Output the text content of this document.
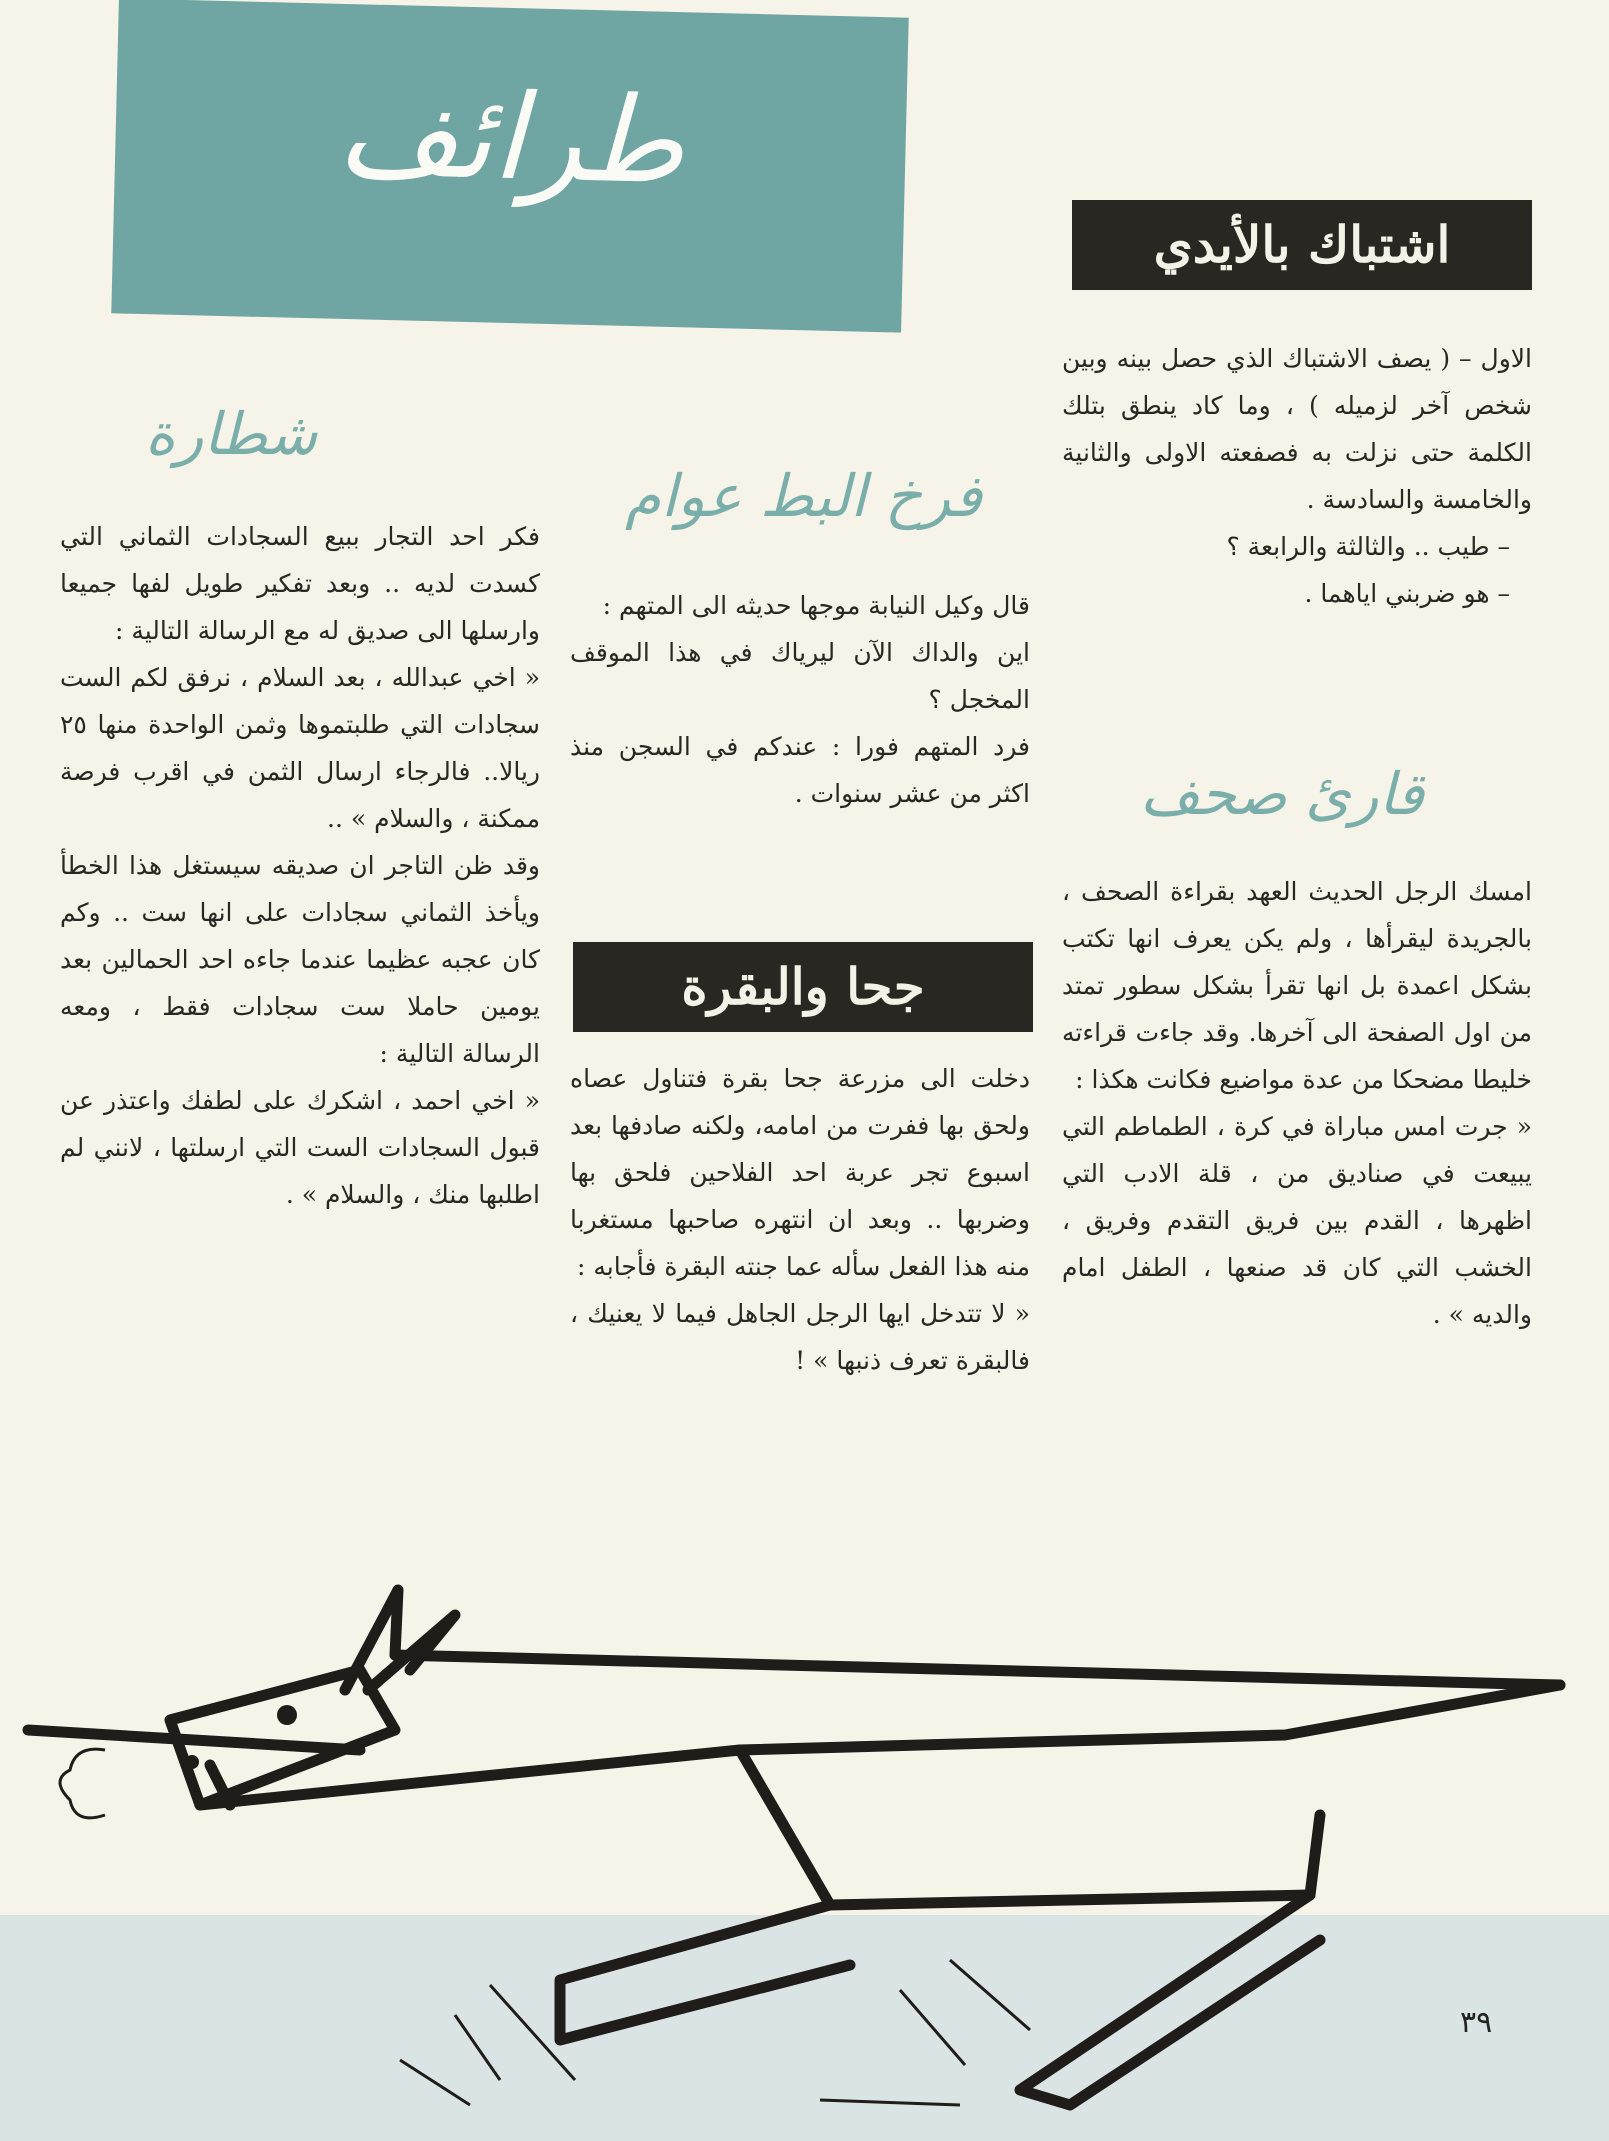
طرائف
اشتباك بالأيدي

الاول – ( يصف الاشتباك الذي حصل بينه وبين شخص آخر لزميله ) ، وما كاد ينطق بتلك الكلمة حتى نزلت به فصفعته الاولى والثانية والخامسة والسادسة .

– طيب .. والثالثة والرابعة ؟

– هو ضربني اياهما .

قارئ صحف

امسك الرجل الحديث العهد بقراءة الصحف ، بالجريدة ليقرأها ، ولم يكن يعرف انها تكتب بشكل اعمدة بل انها تقرأ بشكل سطور تمتد من اول الصفحة الى آخرها. وقد جاءت قراءته خليطا مضحكا من عدة مواضيع فكانت هكذا :

« جرت امس مباراة في كرة ، الطماطم التي يبيعت في صناديق من ، قلة الادب التي اظهرها ، القدم بين فريق التقدم وفريق ، الخشب التي كان قد صنعها ، الطفل امام والديه » .

فرخ البط عوام

قال وكيل النيابة موجها حديثه الى المتهم :

اين والداك الآن ليرياك في هذا الموقف المخجل ؟

فرد المتهم فورا : عندكم في السجن منذ اكثر من عشر سنوات .

جحا والبقرة

دخلت الى مزرعة جحا بقرة فتناول عصاه ولحق بها ففرت من امامه، ولكنه صادفها بعد اسبوع تجر عربة احد الفلاحين فلحق بها وضربها .. وبعد ان انتهره صاحبها مستغربا منه هذا الفعل سأله عما جنته البقرة فأجابه :

« لا تتدخل ايها الرجل الجاهل فيما لا يعنيك ، فالبقرة تعرف ذنبها » !

شطارة

فكر احد التجار ببيع السجادات الثماني التي كسدت لديه .. وبعد تفكير طويل لفها جميعا وارسلها الى صديق له مع الرسالة التالية :

« اخي عبدالله ، بعد السلام ، نرفق لكم الست سجادات التي طلبتموها وثمن الواحدة منها ٢٥ ريالا.. فالرجاء ارسال الثمن في اقرب فرصة ممكنة ، والسلام » ..

وقد ظن التاجر ان صديقه سيستغل هذا الخطأ ويأخذ الثماني سجادات على انها ست .. وكم كان عجبه عظيما عندما جاءه احد الحمالين بعد يومين حاملا ست سجادات فقط ، ومعه الرسالة التالية :

« اخي احمد ، اشكرك على لطفك واعتذر عن قبول السجادات الست التي ارسلتها ، لانني لم اطلبها منك ، والسلام » .

٣٩
